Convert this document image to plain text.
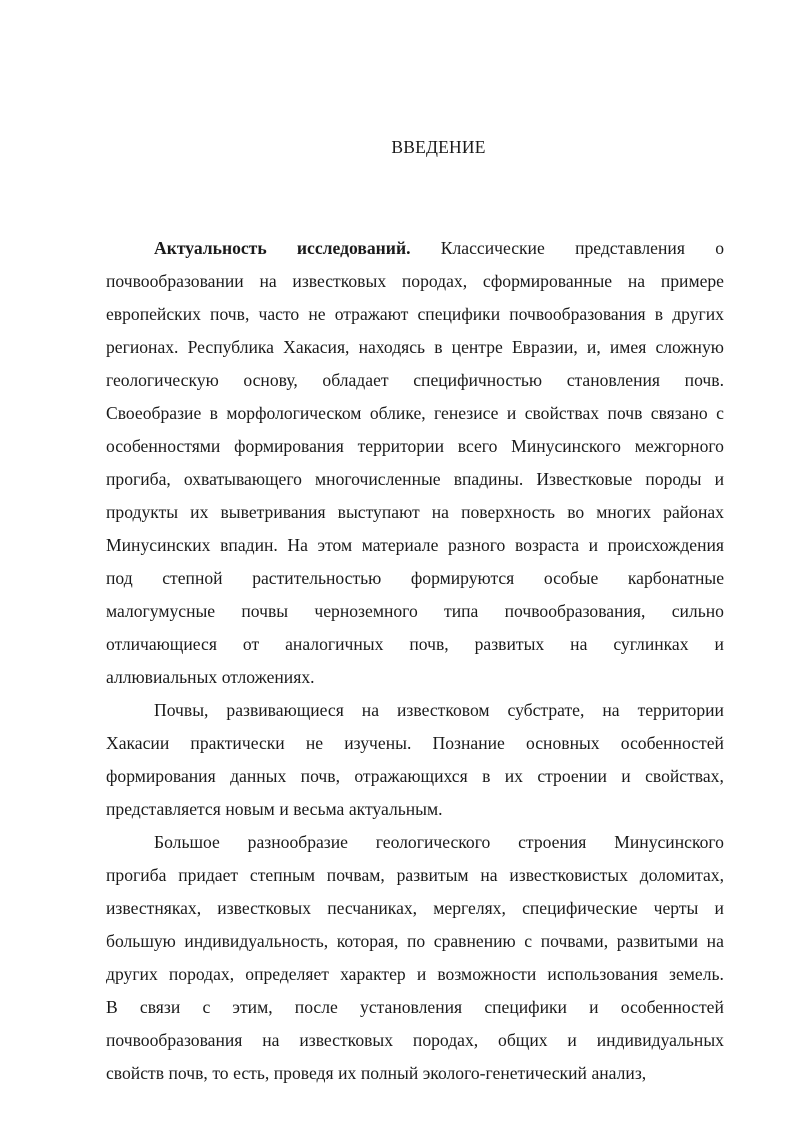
ВВЕДЕНИЕ
Актуальность исследований. Классические представления о
почвообразовании на известковых породах, сформированные на примере
европейских почв, часто не отражают специфики почвообразования в других
регионах. Республика Хакасия, находясь в центре Евразии, и, имея сложную
геологическую основу, обладает специфичностью становления почв.
Своеобразие в морфологическом облике, генезисе и свойствах почв связано с
особенностями формирования территории всего Минусинского межгорного
прогиба, охватывающего многочисленные впадины. Известковые породы и
продукты их выветривания выступают на поверхность во многих районах
Минусинских впадин. На этом материале разного возраста и происхождения
под степной растительностью формируются особые карбонатные
малогумусные почвы черноземного типа почвообразования, сильно
отличающиеся от аналогичных почв, развитых на суглинках и
аллювиальных отложениях.
Почвы, развивающиеся на известковом субстрате, на территории
Хакасии практически не изучены. Познание основных особенностей
формирования данных почв, отражающихся в их строении и свойствах,
представляется новым и весьма актуальным.
Большое разнообразие геологического строения Минусинского
прогиба придает степным почвам, развитым на известковистых доломитах,
известняках, известковых песчаниках, мергелях, специфические черты и
большую индивидуальность, которая, по сравнению с почвами, развитыми на
других породах, определяет характер и возможности использования земель.
В связи с этим, после установления специфики и особенностей
почвообразования на известковых породах, общих и индивидуальных
свойств почв, то есть, проведя их полный эколого-генетический анализ,
